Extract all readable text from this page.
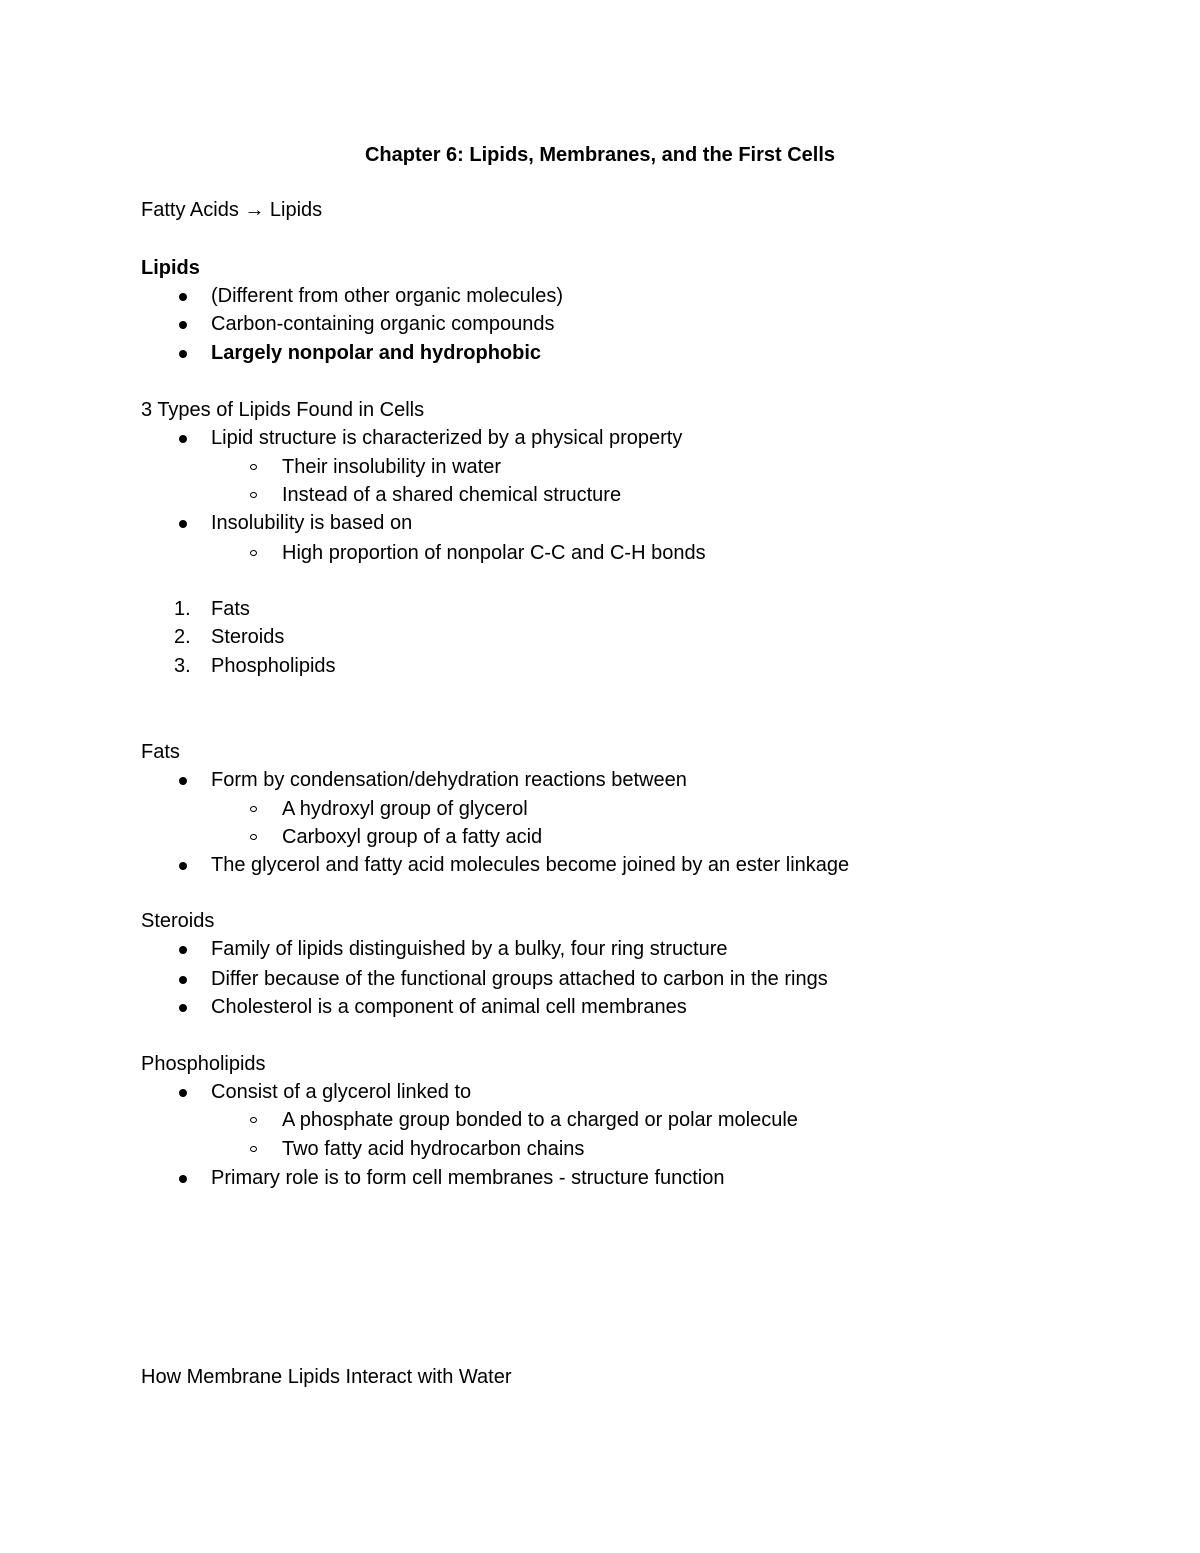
Chapter 6: Lipids, Membranes, and the First Cells
Fatty Acids → Lipids
Lipids
(Different from other organic molecules)
Carbon-containing organic compounds
Largely nonpolar and hydrophobic
3 Types of Lipids Found in Cells
Lipid structure is characterized by a physical property
Their insolubility in water
Instead of a shared chemical structure
Insolubility is based on
High proportion of nonpolar C-C and C-H bonds
1. Fats
2. Steroids
3. Phospholipids
Fats
Form by condensation/dehydration reactions between
A hydroxyl group of glycerol
Carboxyl group of a fatty acid
The glycerol and fatty acid molecules become joined by an ester linkage
Steroids
Family of lipids distinguished by a bulky, four ring structure
Differ because of the functional groups attached to carbon in the rings
Cholesterol is a component of animal cell membranes
Phospholipids
Consist of a glycerol linked to
A phosphate group bonded to a charged or polar molecule
Two fatty acid hydrocarbon chains
Primary role is to form cell membranes - structure function
How Membrane Lipids Interact with Water
